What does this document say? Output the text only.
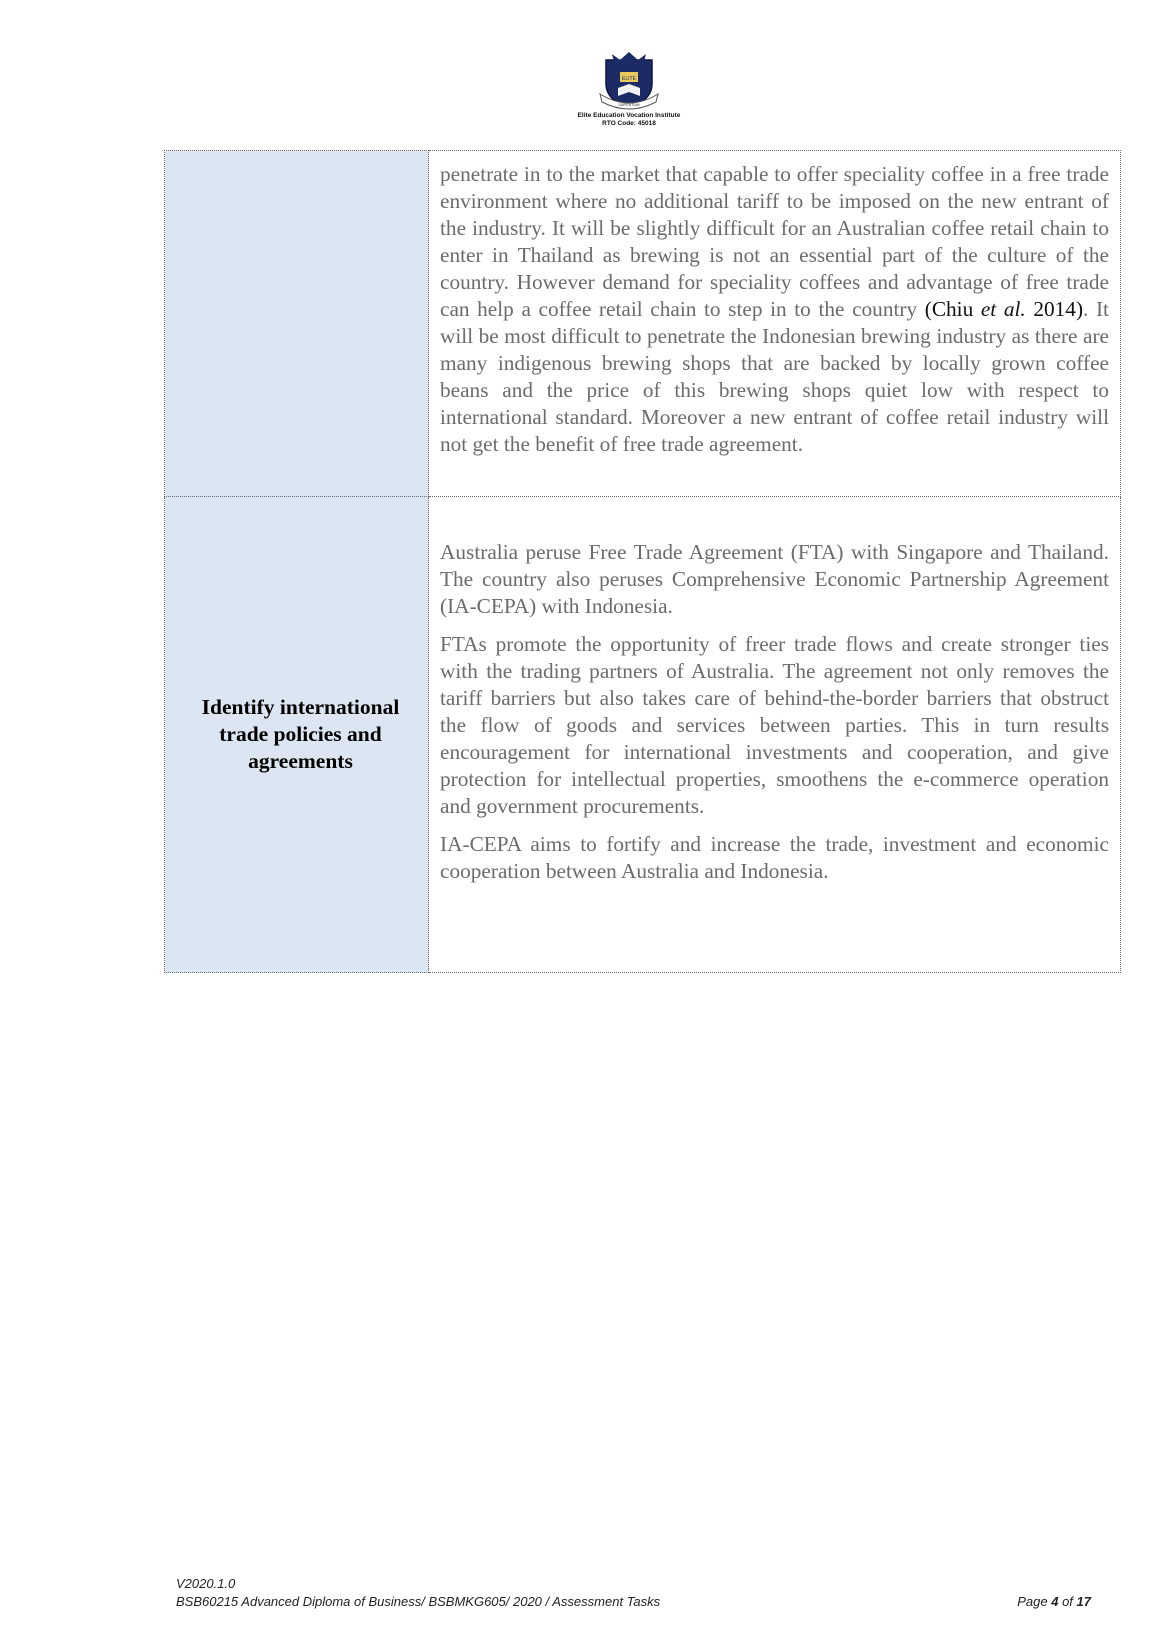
ELITE
SAPIENTIAM
Elite Education Vocation Institute
RTO Code: 45018

	penetrate in to the market that capable to offer speciality coffee in a free trade environment where no additional tariff to be imposed on the new entrant of the industry. It will be slightly difficult for an Australian coffee retail chain to enter in Thailand as brewing is not an essential part of the culture of the country. However demand for speciality coffees and advantage of free trade can help a coffee retail chain to step in to the country (Chiu et al. 2014). It will be most difficult to penetrate the Indonesian brewing industry as there are many indigenous brewing shops that are backed by locally grown coffee beans and the price of this brewing shops quiet low with respect to international standard. Moreover a new entrant of coffee retail industry will not get the benefit of free trade agreement.

Identify international trade policies and agreements	Australia peruse Free Trade Agreement (FTA) with Singapore and Thailand. The country also peruses Comprehensive Economic Partnership Agreement (IA-CEPA) with Indonesia.

FTAs promote the opportunity of freer trade flows and create stronger ties with the trading partners of Australia. The agreement not only removes the tariff barriers but also takes care of behind-the-border barriers that obstruct the flow of goods and services between parties. This in turn results encouragement for international investments and cooperation, and give protection for intellectual properties, smoothens the e-commerce operation and government procurements.

IA-CEPA aims to fortify and increase the trade, investment and economic cooperation between Australia and Indonesia.

V2020.1.0
BSB60215 Advanced Diploma of Business/ BSBMKG605/ 2020 / Assessment Tasks	Page 4 of 17
